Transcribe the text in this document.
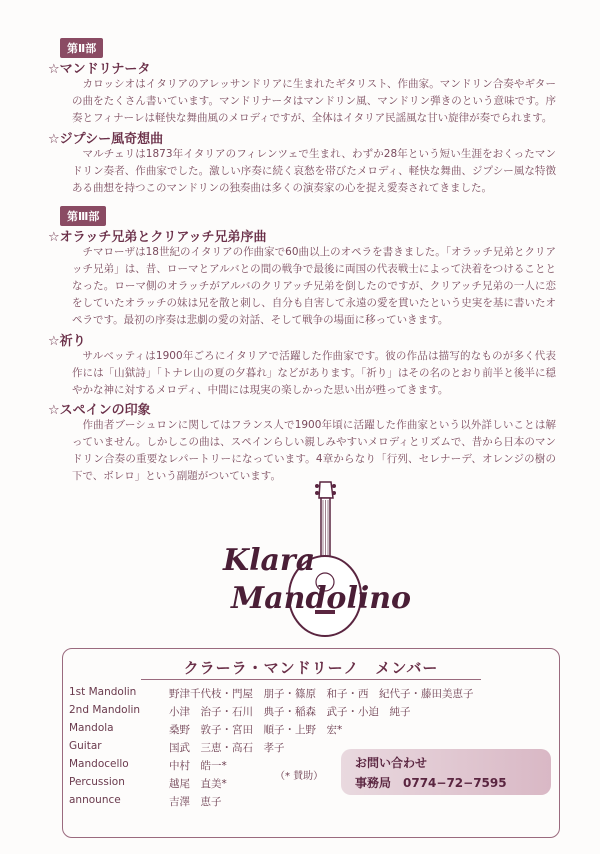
第Ⅱ部
☆マンドリナータ

カロッシオはイタリアのアレッサンドリアに生まれたギタリスト、作曲家。マンドリン合奏やギターの曲をたくさん書いています。マンドリナータはマンドリン風、マンドリン弾きのという意味です。序奏とフィナーレは軽快な舞曲風のメロディですが、全体はイタリア民謡風な甘い旋律が奏でられます。

☆ジプシー風奇想曲

マルチェリは1873年イタリアのフィレンツェで生まれ、わずか28年という短い生涯をおくったマンドリン奏者、作曲家でした。激しい序奏に続く哀愁を帯びたメロディ、軽快な舞曲、ジプシー風な特徴ある曲想を持つこのマンドリンの独奏曲は多くの演奏家の心を捉え愛奏されてきました。

第Ⅲ部
☆オラッチ兄弟とクリアッチ兄弟序曲

チマローザは18世紀のイタリアの作曲家で60曲以上のオペラを書きました。「オラッチ兄弟とクリアッチ兄弟」は、昔、ローマとアルバとの間の戦争で最後に両国の代表戦士によって決着をつけることとなった。ローマ側のオラッチがアルバのクリアッチ兄弟を倒したのですが、クリアッチ兄弟の一人に恋をしていたオラッチの妹は兄を散と刺し、自分も自害して永遠の愛を貫いたという史実を基に書いたオペラです。最初の序奏は悲劇の愛の対話、そして戦争の場面に移っていきます。

☆祈り

サルベッティは1900年ごろにイタリアで活躍した作曲家です。彼の作品は描写的なものが多く代表作には「山獄詩」「トナレ山の夏の夕暮れ」などがあります。「祈り」はその名のとおり前半と後半に穏やかな神に対するメロディ、中間には現実の楽しかった思い出が甦ってきます。

☆スペインの印象

作曲者ブーシュロンに関してはフランス人で1900年頃に活躍した作曲家という以外詳しいことは解っていません。しかしこの曲は、スペインらしい親しみやすいメロディとリズムで、昔から日本のマンドリン合奏の重要なレパートリーになっています。4章からなり「行列、セレナーデ、オレンジの樹の下で、ボレロ」という副題がついています。

Klara
Mandolino
クラーラ・マンドリーノ　メンバー
1st Mandolin	野津千代枝・門屋　朋子・篠原　和子・西　紀代子・藤田美恵子
2nd Mandolin	小津　治子・石川　典子・稲森　武子・小迫　純子
Mandola	桑野　敦子・宮田　順子・上野　宏*
Guitar	国武　三恵・高石　孝子
Mandocello	中村　皓一*
Percussion	越尾　直美*
announce	吉澤　恵子
（* 賛助）
お問い合わせ
事務局　0774−72−7595
